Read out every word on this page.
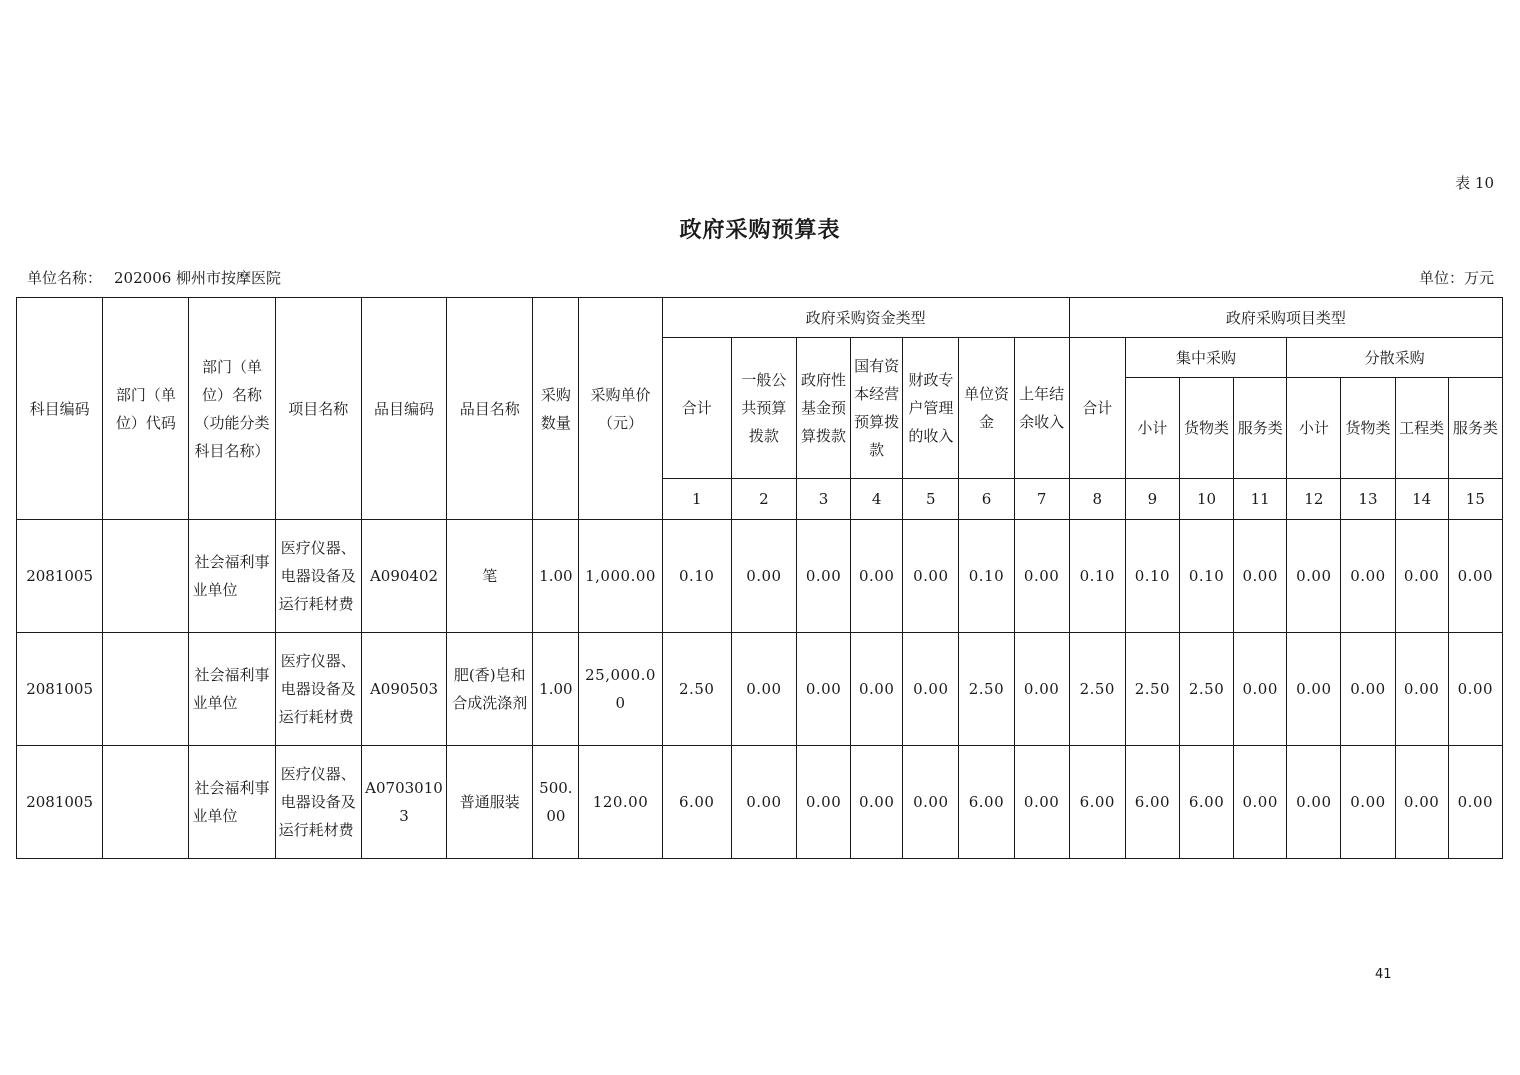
表 10
政府采购预算表
单位名称： 202006 柳州市按摩医院	单位：万元
科目编码	部门（单位）代码	部门（单位）名称（功能分类科目名称）	项目名称	品目编码	品目名称	采购数量	采购单价（元）	政府采购资金类型							政府采购项目类型							
								合计	一般公共预算拨款	政府性基金预算拨款	国有资本经营预算拨款	财政专户管理的收入	单位资金	上年结余收入	合计	集中采购			分散采购			
																小计	货物类	服务类	小计	货物类	工程类	服务类
								1	2	3	4	5	6	7	8	9	10	11	12	13	14	15
2081005		社会福利事业单位	医疗仪器、电器设备及运行耗材费	A090402	笔	1.00	1,000.00	0.10	0.00	0.00	0.00	0.00	0.10	0.00	0.10	0.10	0.10	0.00	0.00	0.00	0.00	0.00
2081005		社会福利事业单位	医疗仪器、电器设备及运行耗材费	A090503	肥(香)皂和合成洗涤剂	1.00	25,000.00	2.50	0.00	0.00	0.00	0.00	2.50	0.00	2.50	2.50	2.50	0.00	0.00	0.00	0.00	0.00
2081005		社会福利事业单位	医疗仪器、电器设备及运行耗材费	A07030103	普通服装	500.00	120.00	6.00	0.00	0.00	0.00	0.00	6.00	0.00	6.00	6.00	6.00	0.00	0.00	0.00	0.00	0.00
41
